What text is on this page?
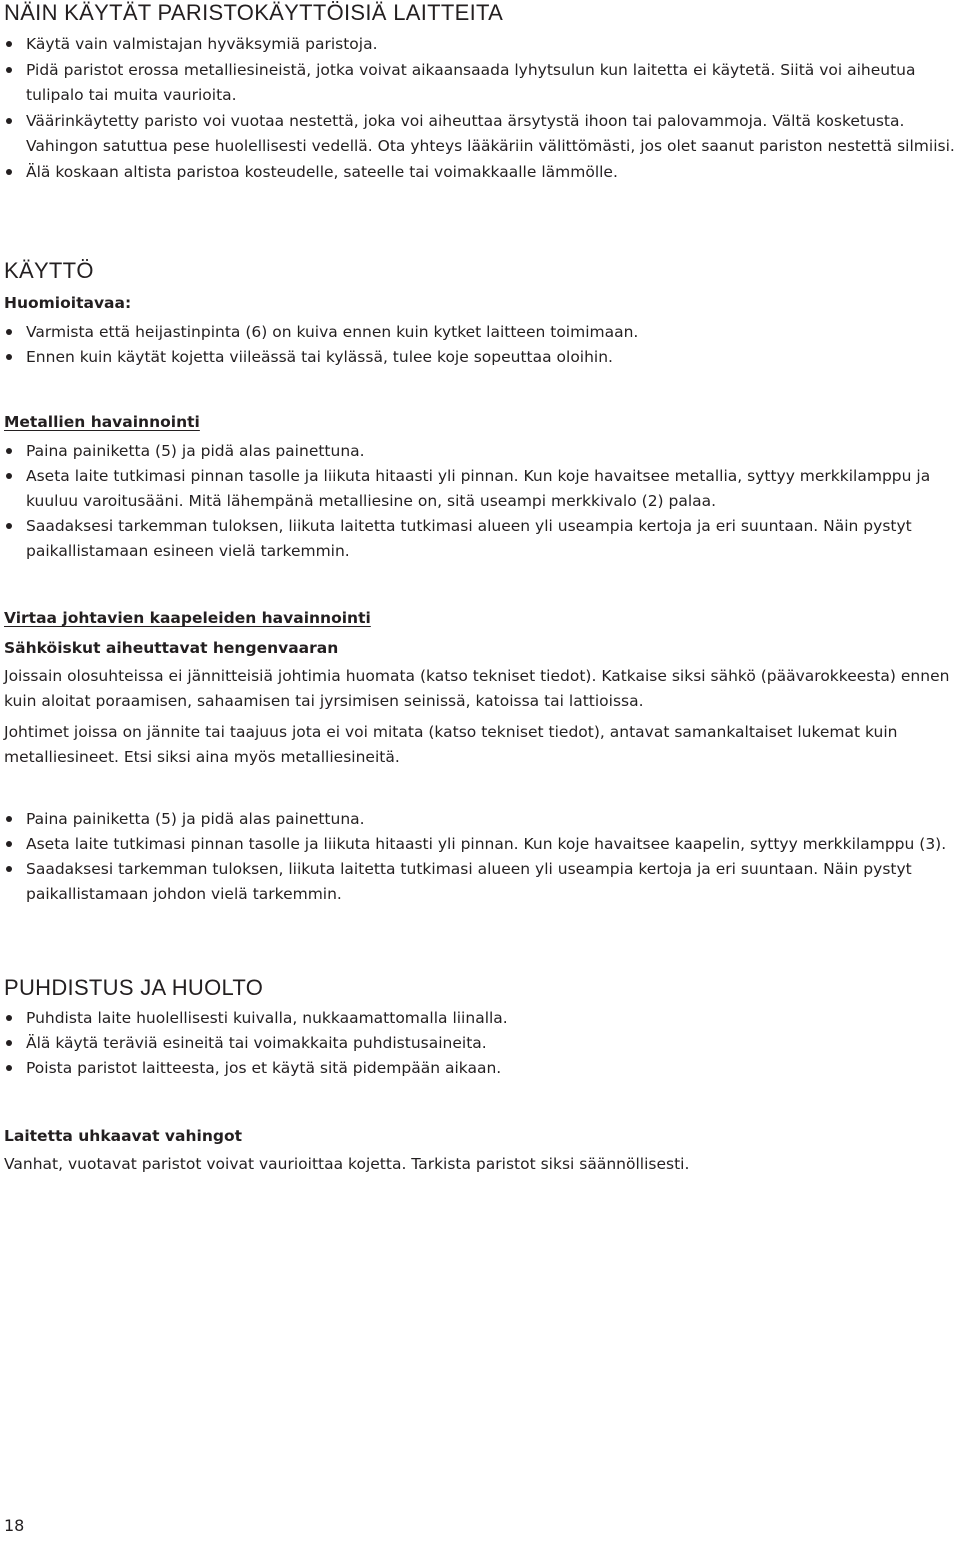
NÄIN KÄYTÄT PARISTOKÄYTTÖISIÄ LAITTEITA
Käytä vain valmistajan hyväksymiä paristoja.
Pidä paristot erossa metalliesineistä, jotka voivat aikaansaada lyhytsulun kun laitetta ei käytetä. Siitä voi aiheutua tulipalo tai muita vaurioita.
Väärinkäytetty paristo voi vuotaa nestettä, joka voi aiheuttaa ärsytystä ihoon tai palovammoja. Vältä kosketusta. Vahingon satuttua pese huolellisesti vedellä. Ota yhteys lääkäriin välittömästi, jos olet saanut pariston nestettä silmiisi.
Älä koskaan altista paristoa kosteudelle, sateelle tai voimakkaalle lämmölle.
KÄYTTÖ
Huomioitavaa:
Varmista että heijastinpinta (6) on kuiva ennen kuin kytket laitteen toimimaan.
Ennen kuin käytät kojetta viileässä tai kylässä, tulee koje sopeuttaa oloihin.
Metallien havainnointi
Paina painiketta (5) ja pidä alas painettuna.
Aseta laite tutkimasi pinnan tasolle ja liikuta hitaasti yli pinnan. Kun koje havaitsee metallia, syttyy merkkilamppu ja kuuluu varoitusääni. Mitä lähempänä metalliesine on, sitä useampi merkkivalo (2) palaa.
Saadaksesi tarkemman tuloksen, liikuta laitetta tutkimasi alueen yli useampia kertoja ja eri suuntaan. Näin pystyt paikallistamaan esineen vielä tarkemmin.
Virtaa johtavien kaapeleiden havainnointi
Sähköiskut aiheuttavat hengenvaaran
Joissain olosuhteissa ei jännitteisiä johtimia huomata (katso tekniset tiedot). Katkaise siksi sähkö (päävarokkeesta) ennen kuin aloitat poraamisen, sahaamisen tai jyrsimisen seinissä, katoissa tai lattioissa.
Johtimet joissa on jännite tai taajuus jota ei voi mitata (katso tekniset tiedot), antavat samankaltaiset lukemat kuin metalliesineet. Etsi siksi aina myös metalliesineitä.
Paina painiketta (5) ja pidä alas painettuna.
Aseta laite tutkimasi pinnan tasolle ja liikuta hitaasti yli pinnan. Kun koje havaitsee kaapelin, syttyy merkkilamppu (3).
Saadaksesi tarkemman tuloksen, liikuta laitetta tutkimasi alueen yli useampia kertoja ja eri suuntaan. Näin pystyt paikallistamaan johdon vielä tarkemmin.
PUHDISTUS JA HUOLTO
Puhdista laite huolellisesti kuivalla, nukkaamattomalla liinalla.
Älä käytä teräviä esineitä tai voimakkaita puhdistusaineita.
Poista paristot laitteesta, jos et käytä sitä pidempään aikaan.
Laitetta uhkaavat vahingot
Vanhat, vuotavat paristot voivat vaurioittaa kojetta. Tarkista paristot siksi säännöllisesti.
18
